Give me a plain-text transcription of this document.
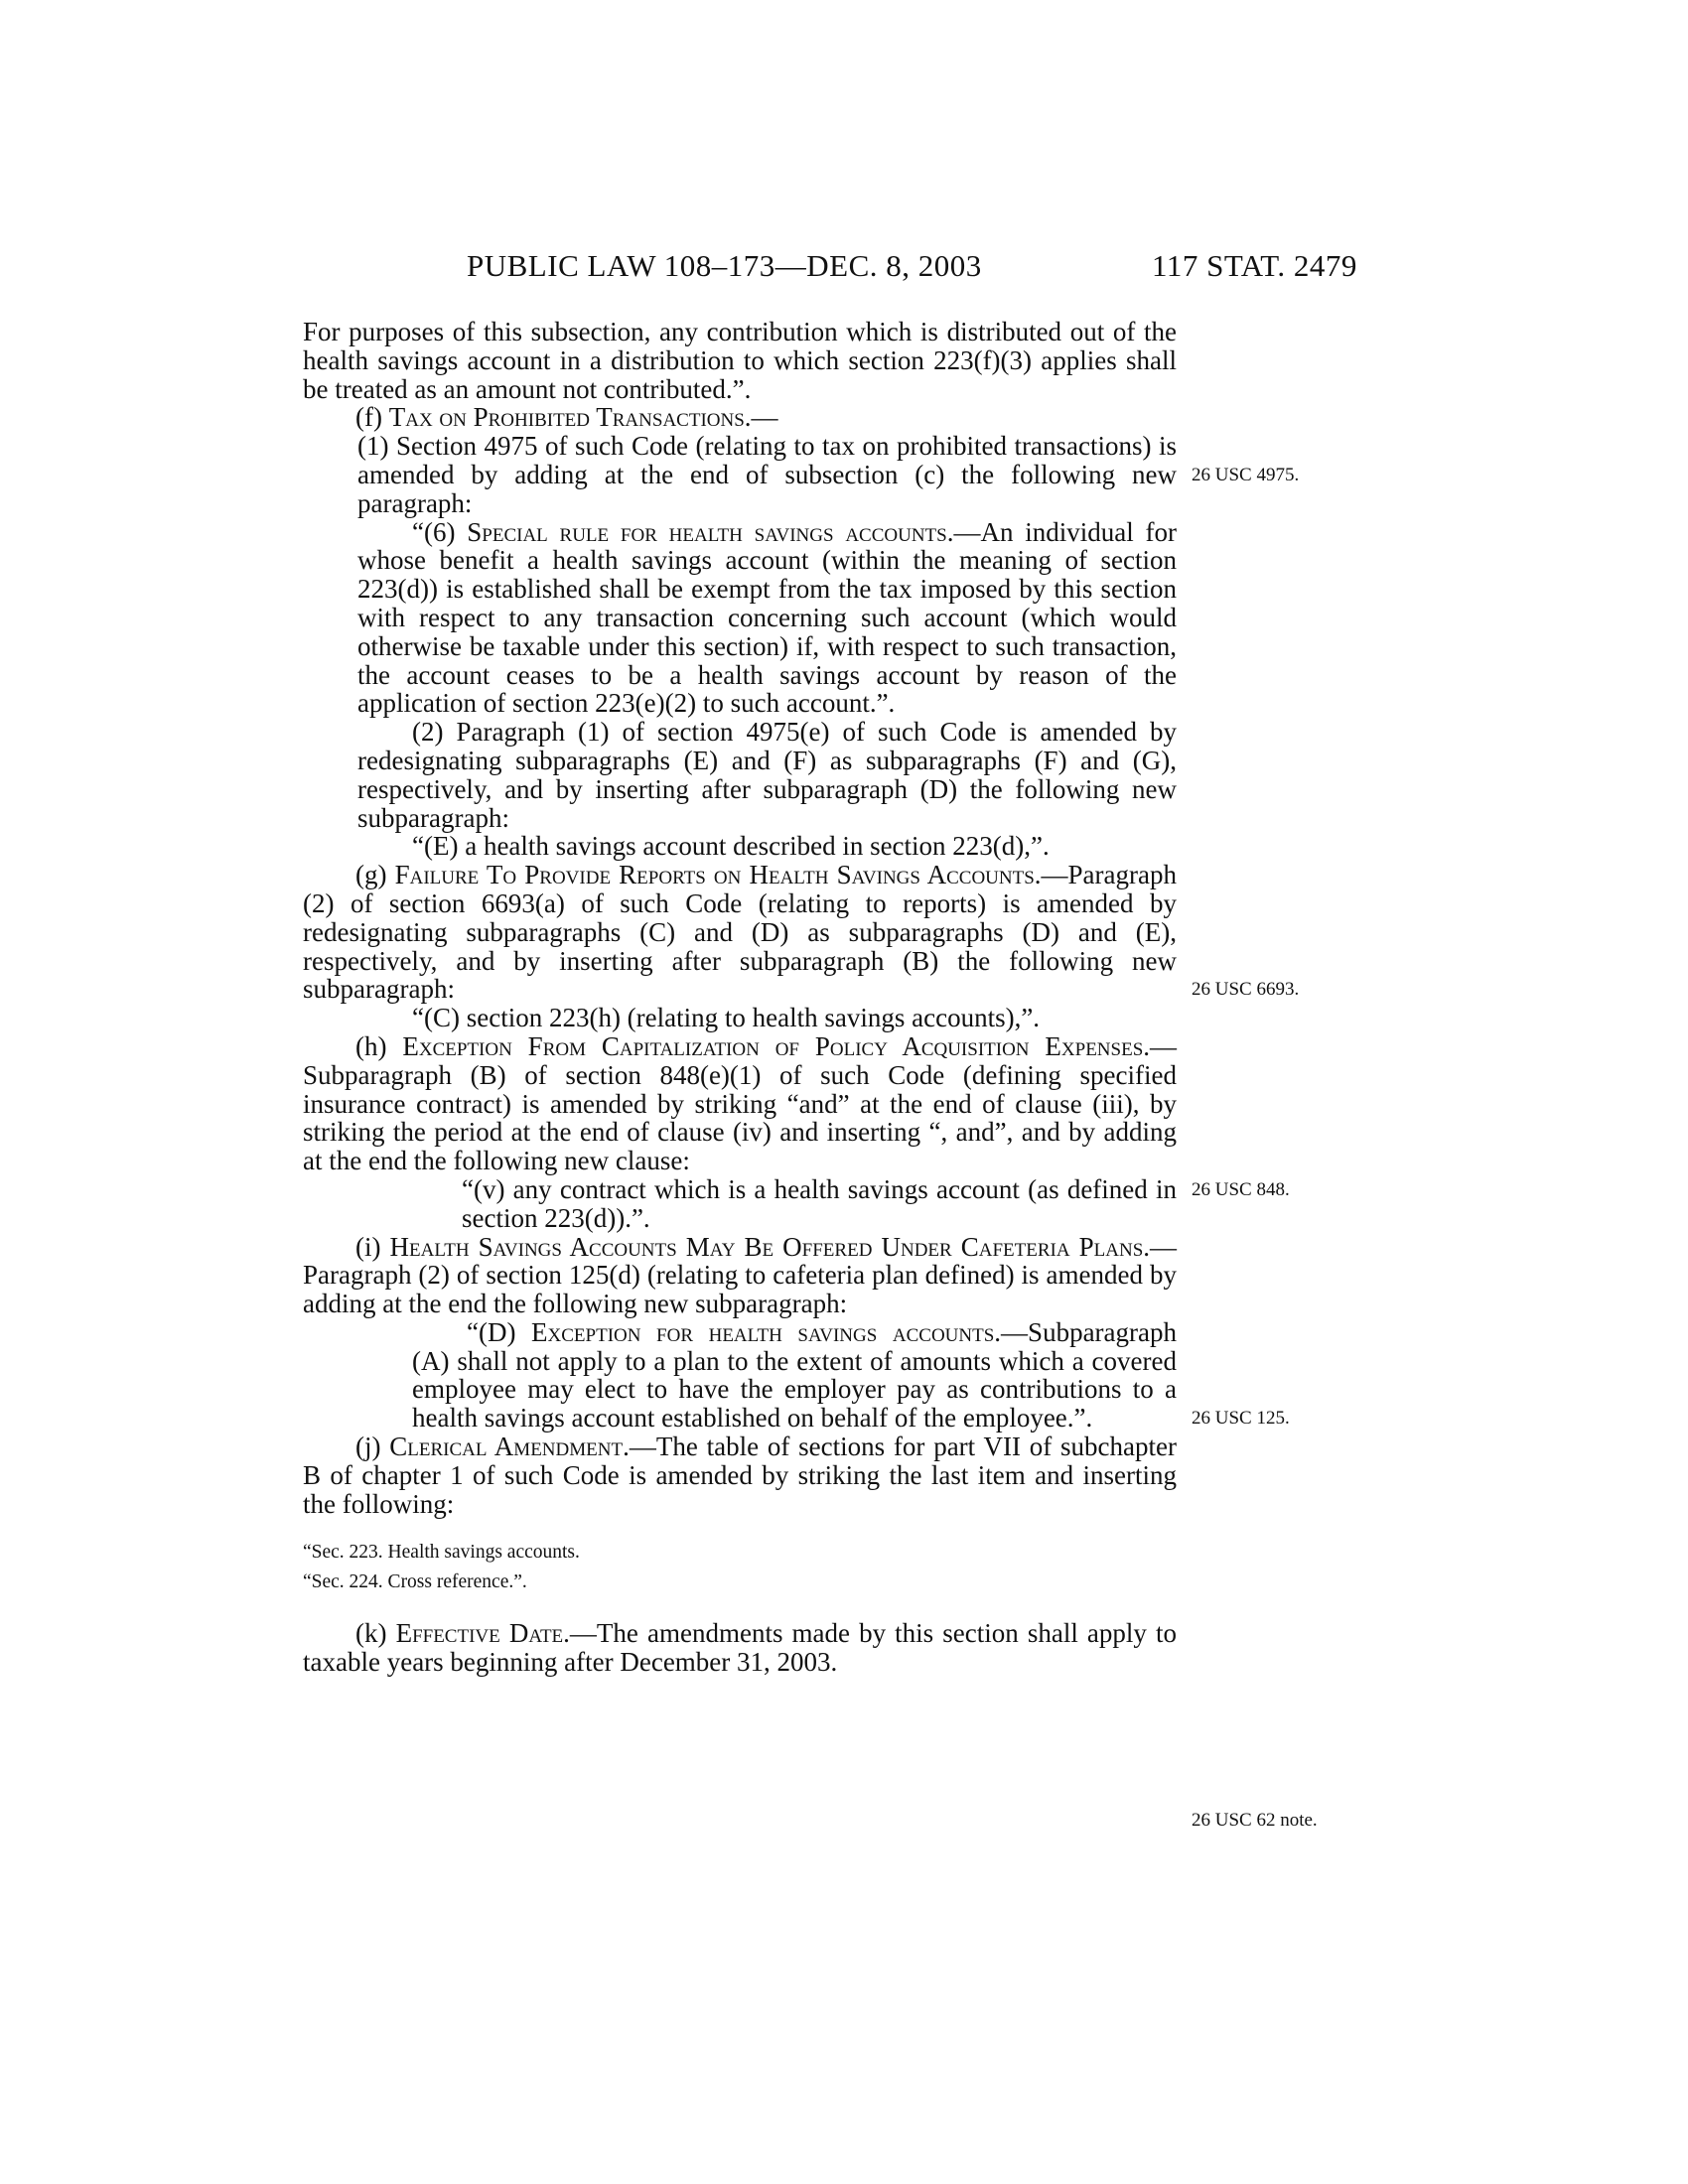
PUBLIC LAW 108–173—DEC. 8, 2003	117 STAT. 2479

For purposes of this subsection, any contribution which is distributed out of the health savings account in a distribution to which section 223(f)(3) applies shall be treated as an amount not contributed.”.

(f) Tax on Prohibited Transactions.—

(1) Section 4975 of such Code (relating to tax on prohibited transactions) is amended by adding at the end of subsection (c) the following new paragraph:

“(6) Special rule for health savings accounts.—An individual for whose benefit a health savings account (within the meaning of section 223(d)) is established shall be exempt from the tax imposed by this section with respect to any transaction concerning such account (which would otherwise be taxable under this section) if, with respect to such transaction, the account ceases to be a health savings account by reason of the application of section 223(e)(2) to such account.”.

(2) Paragraph (1) of section 4975(e) of such Code is amended by redesignating subparagraphs (E) and (F) as subparagraphs (F) and (G), respectively, and by inserting after subparagraph (D) the following new subparagraph:

“(E) a health savings account described in section 223(d),”.

(g) Failure To Provide Reports on Health Savings Accounts.—Paragraph (2) of section 6693(a) of such Code (relating to reports) is amended by redesignating subparagraphs (C) and (D) as subparagraphs (D) and (E), respectively, and by inserting after subparagraph (B) the following new subparagraph:

“(C) section 223(h) (relating to health savings accounts),”.

(h) Exception From Capitalization of Policy Acquisition Expenses.—Subparagraph (B) of section 848(e)(1) of such Code (defining specified insurance contract) is amended by striking “and” at the end of clause (iii), by striking the period at the end of clause (iv) and inserting “, and”, and by adding at the end the following new clause:

“(v) any contract which is a health savings account (as defined in section 223(d)).”.

(i) Health Savings Accounts May Be Offered Under Cafeteria Plans.—Paragraph (2) of section 125(d) (relating to cafeteria plan defined) is amended by adding at the end the following new subparagraph:

“(D) Exception for health savings accounts.—Subparagraph (A) shall not apply to a plan to the extent of amounts which a covered employee may elect to have the employer pay as contributions to a health savings account established on behalf of the employee.”.

(j) Clerical Amendment.—The table of sections for part VII of subchapter B of chapter 1 of such Code is amended by striking the last item and inserting the following:

“Sec. 223. Health savings accounts.
“Sec. 224. Cross reference.”.

(k) Effective Date.—The amendments made by this section shall apply to taxable years beginning after December 31, 2003.

26 USC 4975.
26 USC 6693.
26 USC 848.
26 USC 125.
26 USC 62 note.
